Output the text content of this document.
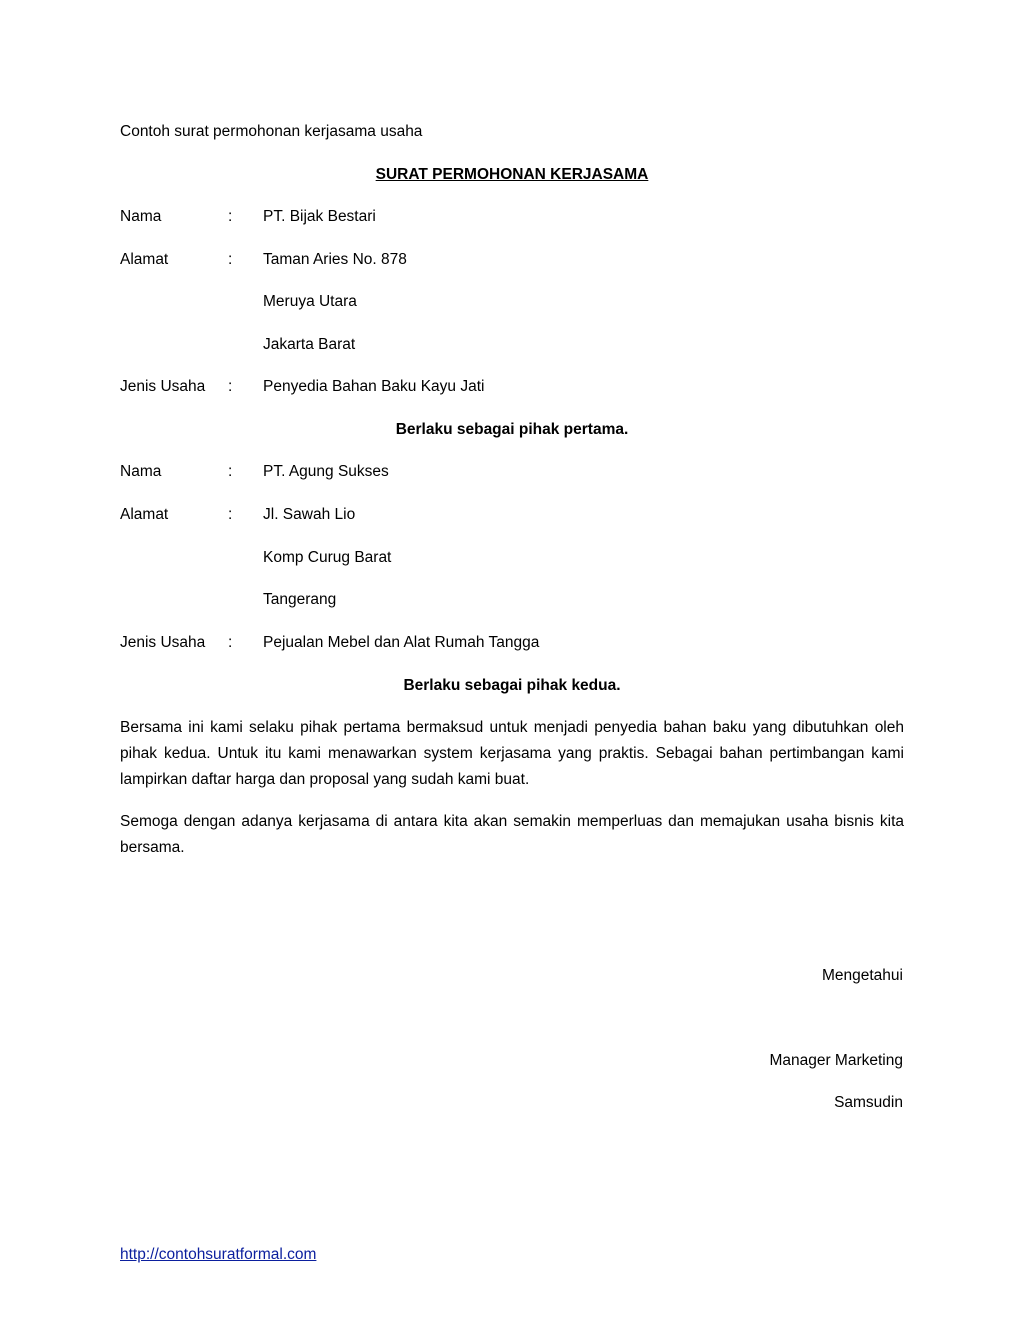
Contoh surat permohonan kerjasama usaha
SURAT PERMOHONAN KERJASAMA
Nama	: PT. Bijak Bestari
Alamat	: Taman Aries No. 878
Meruya Utara
Jakarta Barat
Jenis Usaha : Penyedia Bahan Baku Kayu Jati
Berlaku sebagai pihak pertama.
Nama	: PT. Agung Sukses
Alamat	: Jl. Sawah Lio
Komp Curug Barat
Tangerang
Jenis Usaha : Pejualan Mebel dan Alat Rumah Tangga
Berlaku sebagai pihak kedua.
Bersama ini kami selaku pihak pertama bermaksud untuk menjadi penyedia bahan baku yang dibutuhkan oleh pihak kedua. Untuk itu kami menawarkan system kerjasama yang praktis. Sebagai bahan pertimbangan kami lampirkan daftar harga dan proposal yang sudah kami buat.
Semoga dengan adanya kerjasama di antara kita akan semakin memperluas dan memajukan usaha bisnis kita bersama.
Mengetahui
Manager Marketing
Samsudin
http://contohsuratformal.com
